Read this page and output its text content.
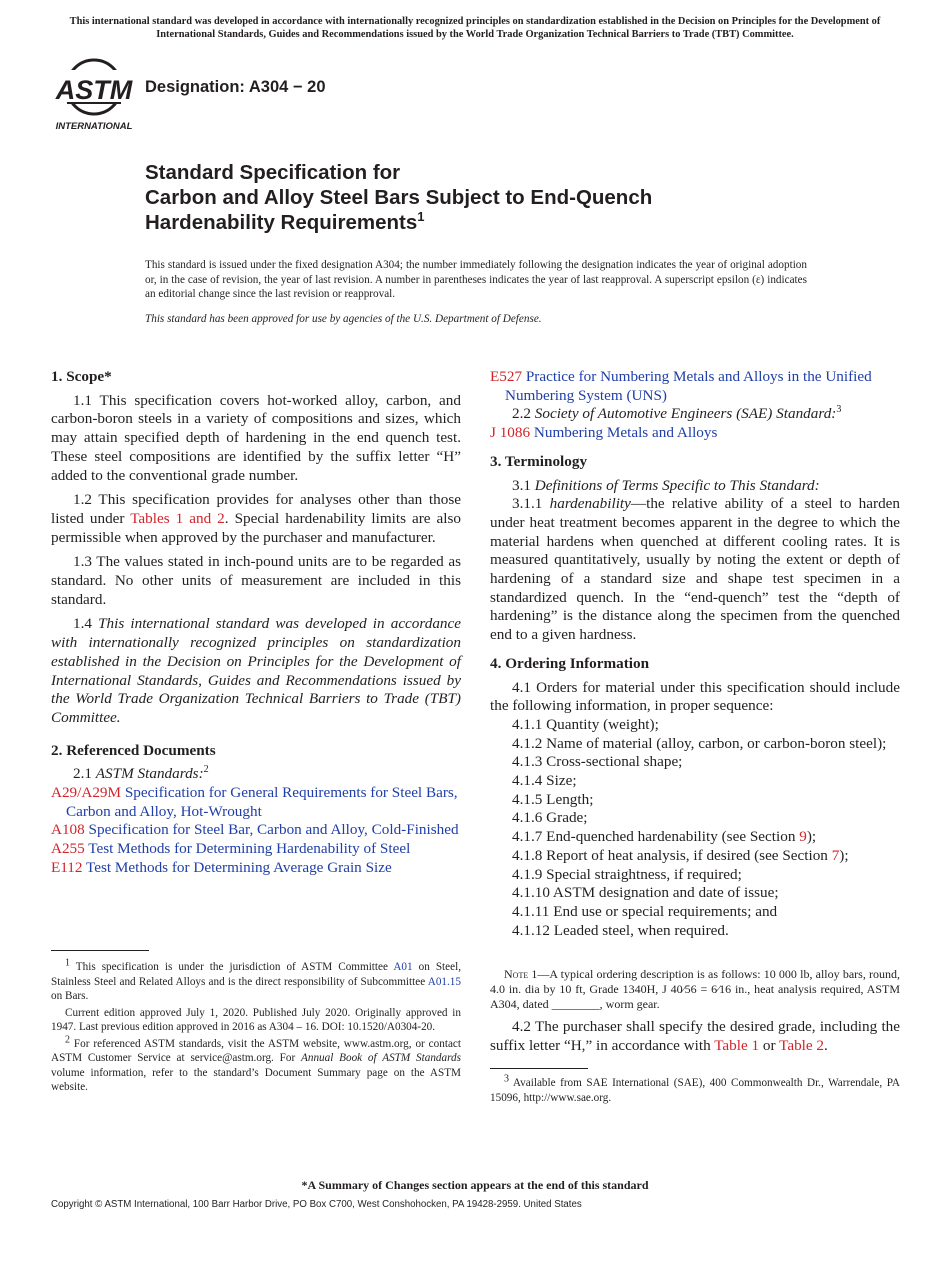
This international standard was developed in accordance with internationally recognized principles on standardization established in the Decision on Principles for the Development of International Standards, Guides and Recommendations issued by the World Trade Organization Technical Barriers to Trade (TBT) Committee.
ASTM
INTERNATIONAL
Designation: A304 − 20
Standard Specification for
Carbon and Alloy Steel Bars Subject to End-Quench
Hardenability Requirements$^1$
This standard is issued under the fixed designation A304; the number immediately following the designation indicates the year of original adoption or, in the case of revision, the year of last revision. A number in parentheses indicates the year of last reapproval. A superscript epsilon (ε) indicates an editorial change since the last revision or reapproval.
This standard has been approved for use by agencies of the U.S. Department of Defense.

1. Scope*

1.1 This specification covers hot-worked alloy, carbon, and carbon-boron steels in a variety of compositions and sizes, which may attain specified depth of hardening in the end quench test. These steel compositions are identified by the suffix letter “H” added to the conventional grade number.

1.2 This specification provides for analyses other than those listed under Tables 1 and 2. Special hardenability limits are also permissible when approved by the purchaser and manufacturer.

1.3 The values stated in inch-pound units are to be regarded as standard. No other units of measurement are included in this standard.

1.4 This international standard was developed in accordance with internationally recognized principles on standardization established in the Decision on Principles for the Development of International Standards, Guides and Recommendations issued by the World Trade Organization Technical Barriers to Trade (TBT) Committee.

2. Referenced Documents

2.1 ASTM Standards:$^2$

A29/A29M Specification for General Requirements for Steel Bars, Carbon and Alloy, Hot-Wrought

A108 Specification for Steel Bar, Carbon and Alloy, Cold-Finished

A255 Test Methods for Determining Hardenability of Steel

E112 Test Methods for Determining Average Grain Size

$^1$ This specification is under the jurisdiction of ASTM Committee A01 on Steel, Stainless Steel and Related Alloys and is the direct responsibility of Subcommittee A01.15 on Bars.

Current edition approved July 1, 2020. Published July 2020. Originally approved in 1947. Last previous edition approved in 2016 as A304 – 16. DOI: 10.1520/A0304-20.

$^2$ For referenced ASTM standards, visit the ASTM website, www.astm.org, or contact ASTM Customer Service at service@astm.org. For Annual Book of ASTM Standards volume information, refer to the standard’s Document Summary page on the ASTM website.

E527 Practice for Numbering Metals and Alloys in the Unified Numbering System (UNS)

2.2 Society of Automotive Engineers (SAE) Standard:$^3$

J 1086 Numbering Metals and Alloys

3. Terminology

3.1 Definitions of Terms Specific to This Standard:

3.1.1 hardenability—the relative ability of a steel to harden under heat treatment becomes apparent in the degree to which the material hardens when quenched at different cooling rates. It is measured quantitatively, usually by noting the extent or depth of hardening of a standard size and shape test specimen in a standardized quench. In the “end-quench” test the “depth of hardening” is the distance along the specimen from the quenched end to a given hardness.

4. Ordering Information

4.1 Orders for material under this specification should include the following information, in proper sequence:

4.1.1 Quantity (weight);

4.1.2 Name of material (alloy, carbon, or carbon-boron steel);

4.1.3 Cross-sectional shape;

4.1.4 Size;

4.1.5 Length;

4.1.6 Grade;

4.1.7 End-quenched hardenability (see Section 9);

4.1.8 Report of heat analysis, if desired (see Section 7);

4.1.9 Special straightness, if required;

4.1.10 ASTM designation and date of issue;

4.1.11 End use or special requirements; and

4.1.12 Leaded steel, when required.

Note 1—A typical ordering description is as follows: 10 000 lb, alloy bars, round, 4.0 in. dia by 10 ft, Grade 1340H, J 40⁄56 = 6⁄16 in., heat analysis required, ASTM A304, dated ________, worm gear.
4.2 The purchaser shall specify the desired grade, including the suffix letter “H,” in accordance with Table 1 or Table 2.

$^3$ Available from SAE International (SAE), 400 Commonwealth Dr., Warrendale, PA 15096, http://www.sae.org.

*A Summary of Changes section appears at the end of this standard
Copyright © ASTM International, 100 Barr Harbor Drive, PO Box C700, West Conshohocken, PA 19428-2959. United States
